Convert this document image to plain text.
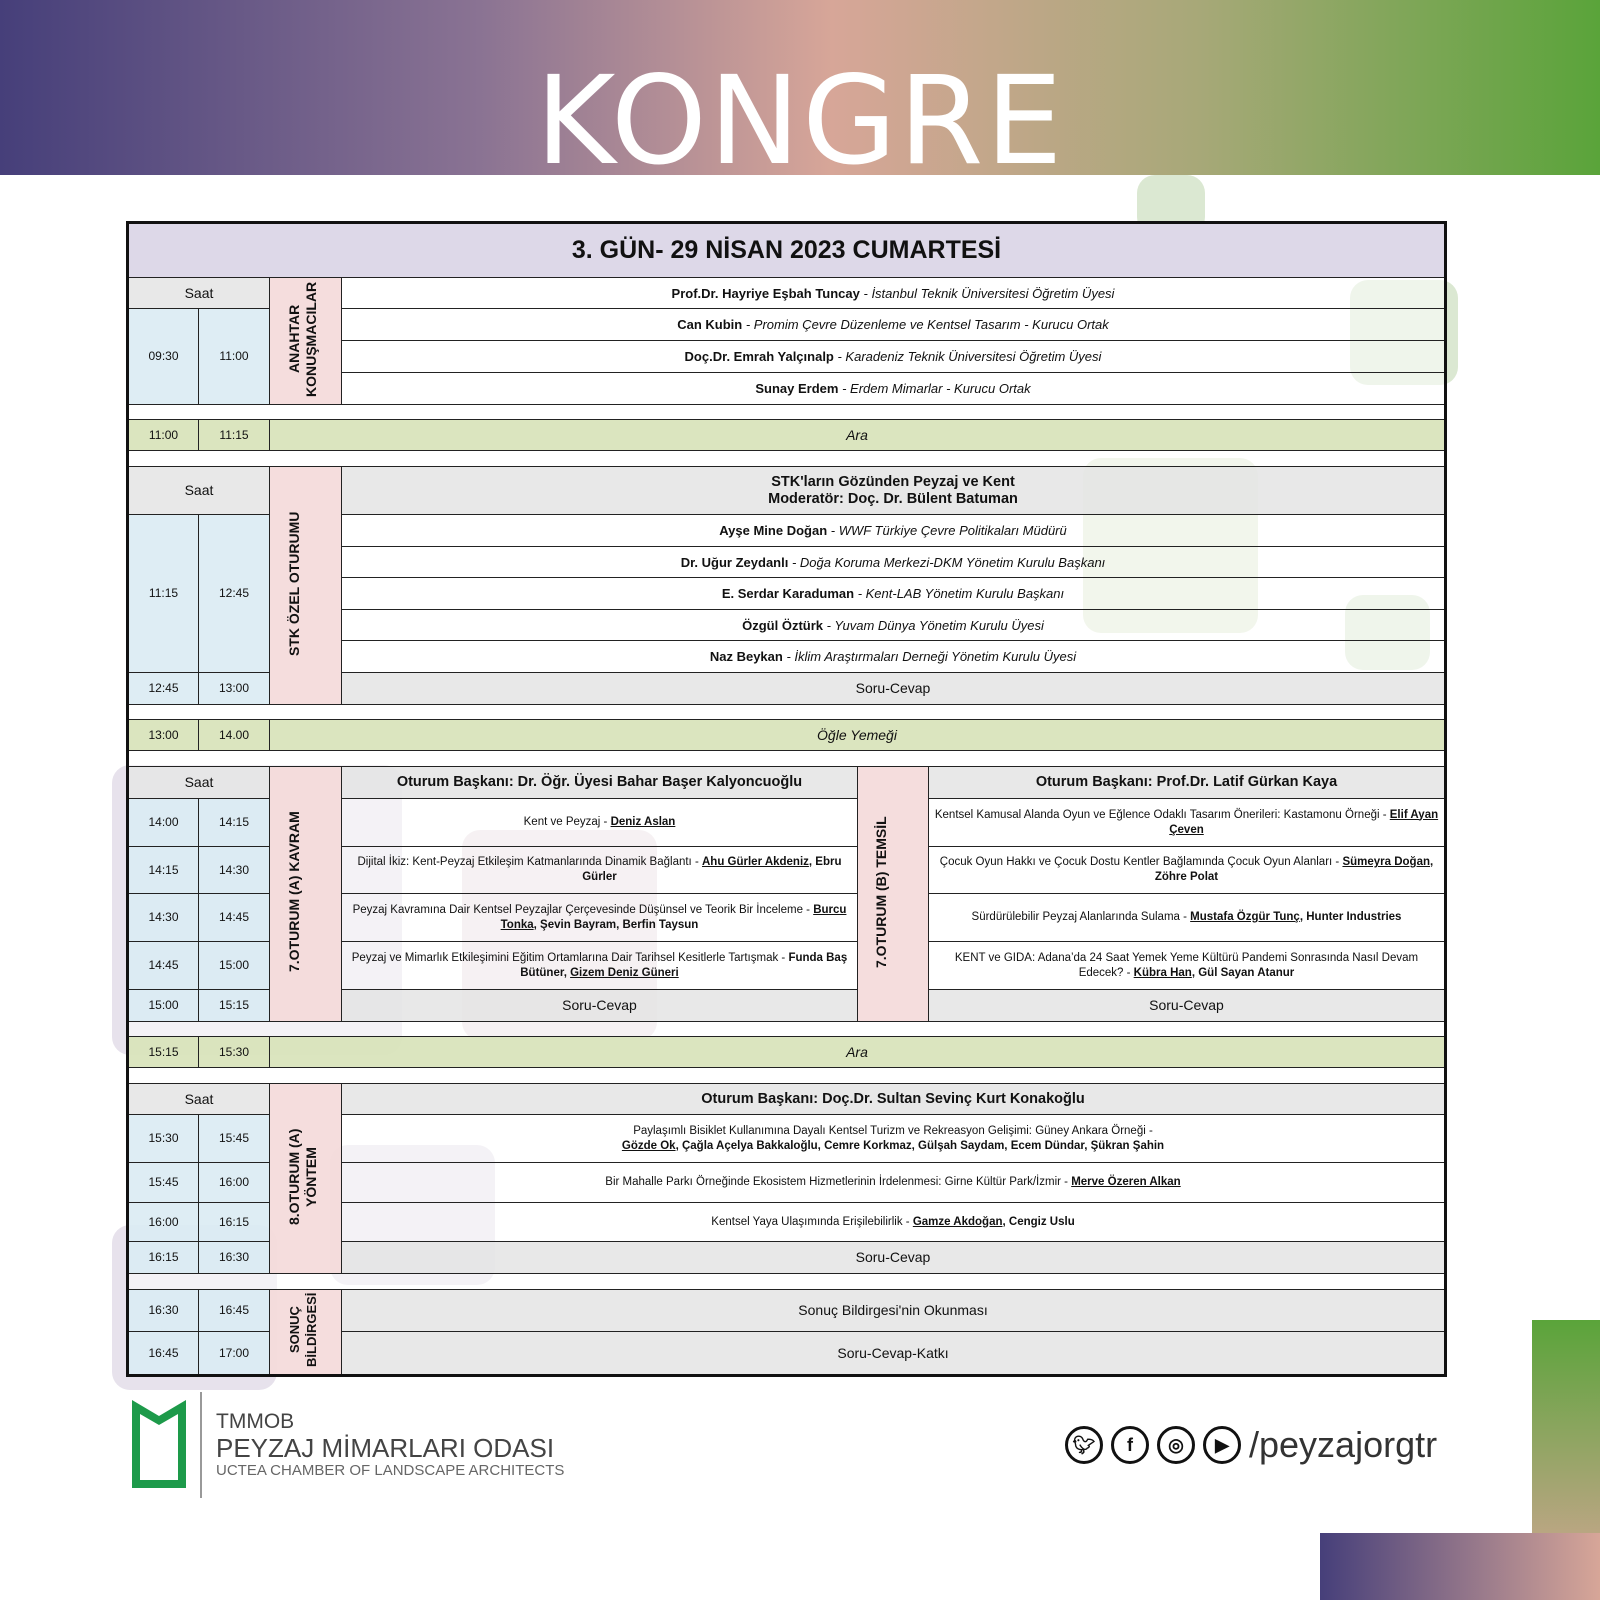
KONGRE
3. GÜN- 29 NİSAN 2023 CUMARTESİ					
Saat		ANAHTAR KONUŞMACILAR	Prof.Dr. Hayriye Eşbah Tuncay - İstanbul Teknik Üniversitesi Öğretim Üyesi		
09:30	11:00		Can Kubin - Promim Çevre Düzenleme ve Kentsel Tasarım - Kurucu Ortak		
			Doç.Dr. Emrah Yalçınalp - Karadeniz Teknik Üniversitesi Öğretim Üyesi		
			Sunay Erdem - Erdem Mimarlar - Kurucu Ortak		

11:00	11:15	Ara			

Saat		STK ÖZEL OTURUMU	STK'ların Gözünden Peyzaj ve Kent
Moderatör: Doç. Dr. Bülent Batuman		

11:15	12:45		Ayşe Mine Doğan - WWF Türkiye Çevre Politikaları Müdürü		
			Dr. Uğur Zeydanlı - Doğa Koruma Merkezi-DKM Yönetim Kurulu Başkanı		
			E. Serdar Karaduman - Kent-LAB Yönetim Kurulu Başkanı		
			Özgül Öztürk - Yuvam Dünya Yönetim Kurulu Üyesi		
			Naz Beykan - İklim Araştırmaları Derneği Yönetim Kurulu Üyesi		
12:45	13:00		Soru-Cevap		

13:00	14.00	Öğle Yemeği			

Saat		7.OTURUM (A) KAVRAM	Oturum Başkanı: Dr. Öğr. Üyesi Bahar Başer Kalyoncuoğlu	7.OTURUM (B) TEMSİL	Oturum Başkanı: Prof.Dr. Latif Gürkan Kaya
14:00	14:15		Kent ve Peyzaj - Deniz Aslan		Kentsel Kamusal Alanda Oyun ve Eğlence Odaklı Tasarım Önerileri: Kastamonu Örneği - Elif Ayan Çeven
14:15	14:30		Dijital İkiz: Kent-Peyzaj Etkileşim Katmanlarında Dinamik Bağlantı - Ahu Gürler Akdeniz, Ebru Gürler		Çocuk Oyun Hakkı ve Çocuk Dostu Kentler Bağlamında Çocuk Oyun Alanları - Sümeyra Doğan, Zöhre Polat
14:30	14:45		Peyzaj Kavramına Dair Kentsel Peyzajlar Çerçevesinde Düşünsel ve Teorik Bir İnceleme - Burcu Tonka, Şevin Bayram, Berfin Taysun		Sürdürülebilir Peyzaj Alanlarında Sulama - Mustafa Özgür Tunç, Hunter Industries
14:45	15:00		Peyzaj ve Mimarlık Etkileşimini Eğitim Ortamlarına Dair Tarihsel Kesitlerle Tartışmak - Funda Baş Bütüner, Gizem Deniz Güneri		KENT ve GIDA: Adana’da 24 Saat Yemek Yeme Kültürü Pandemi Sonrasında Nasıl Devam Edecek? - Kübra Han, Gül Sayan Atanur
15:00	15:15		Soru-Cevap		Soru-Cevap

15:15	15:30	Ara			

Saat		8.OTURUM (A) YÖNTEM	Oturum Başkanı: Doç.Dr. Sultan Sevinç Kurt Konakoğlu		
15:30	15:45		Paylaşımlı Bisiklet Kullanımına Dayalı Kentsel Turizm ve Rekreasyon Gelişimi: Güney Ankara Örneği -
Gözde Ok, Çağla Açelya Bakkaloğlu, Cemre Korkmaz, Gülşah Saydam, Ecem Dündar, Şükran Şahin		
15:45	16:00		Bir Mahalle Parkı Örneğinde Ekosistem Hizmetlerinin İrdelenmesi: Girne Kültür Park/İzmir - Merve Özeren Alkan		
16:00	16:15		Kentsel Yaya Ulaşımında Erişilebilirlik - Gamze Akdoğan, Cengiz Uslu		
16:15	16:30		Soru-Cevap		

16:30	16:45	SONUÇ BİLDİRGESİ	Sonuç Bildirgesi'nin Okunması		
16:45	17:00		Soru-Cevap-Katkı		
TMMOB
PEYZAJ MİMARLARI ODASI
UCTEA CHAMBER OF LANDSCAPE ARCHITECTS
🐦︎	f	◎	▶ /peyzajorgtr
